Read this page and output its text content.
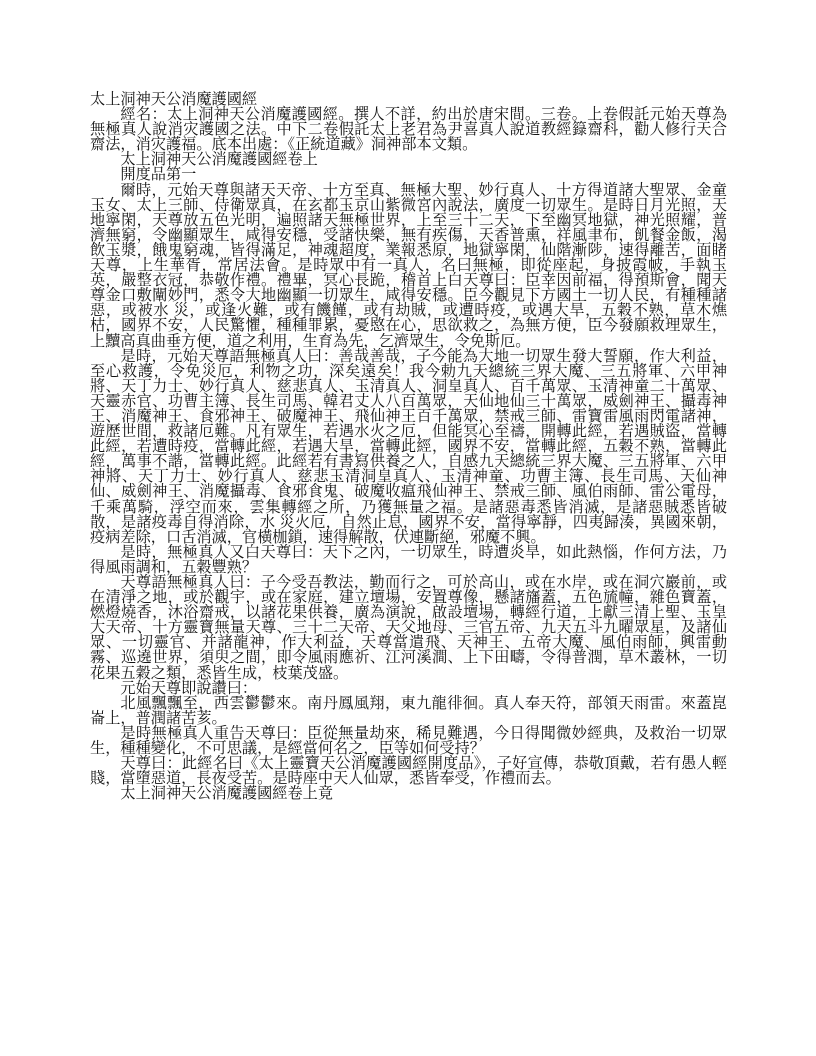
太上洞神天公消魔護國經

經名：太上洞神天公消魔護國經。撰人不詳，約出於唐宋間。三卷。上卷假託元始天尊為無極真人說消灾護國之法。中下二卷假託太上老君為尹喜真人說道教經籙齋科，勸人修行天合齋法，消灾護福。底本出處：《正統道藏》洞神部本文類。

太上洞神天公消魔護國經卷上

開度品第一

爾時，元始天尊與諸天天帝、十方至真、無極大聖、妙行真人、十方得道諸大聖眾、金童玉女、太上三師、侍衛眾真，在玄都玉京山紫微宮內說法，廣度一切眾生。是時日月光照，天地寧閑，天尊放五色光明，遍照諸天無極世界，上至三十二天，下至幽冥地獄，神光照耀，普濟無窮，令幽顯眾生，咸得安穩，受諸快樂，無有疾傷，天香普熏，祥風聿布，飢餐金飯，渴飲玉漿，餓鬼窮魂，皆得滿足，神魂超度，業報悉原，地獄寧閑，仙階漸陟，速得離苦，面睹天尊，上生華胥，常居法會。是時眾中有一真人，名曰無極，即從座起，身披霞帔，手執玉英，嚴整衣冠，恭敬作禮。禮畢，冥心長跪，稽首上白天尊曰：臣幸因前福，得預斯會，聞天尊金口敷闡妙門，悉令大地幽顯一切眾生，咸得安穩。臣今觀見下方國土一切人民，有種種諸惡，或被水 災，或逢火難，或有饑饉，或有劫賊，或遭時疫，或遇大旱，五穀不熟，草木燋枯，國界不安，人民驚懼，種種罪累，憂愍在心，思欲救之，為無方便，臣今發願救理眾生，上黷高真曲垂方便，道之利用，生育為先，乞濟眾生，令免斯厄。

是時，元始天尊語無極真人曰：善哉善哉，子今能為大地一切眾生發大誓願，作大利益，至心救護，令免災厄，利物之功，深矣遠矣！我今勅九天總統三界大魔、三五將軍、六甲神將、天丁力士、妙行真人、慈悲真人、玉清真人、洞皇真人、百千萬眾、玉清神童二十萬眾、天靈赤官、功曹主簿、長生司馬、韓君丈人八百萬眾，天仙地仙三十萬眾，威劍神王、攝毒神王、消魔神王、食邪神王、破魔神王、飛仙神王百千萬眾，禁戒三師、雷寶雷風雨閃電諸神，遊歷世間，救諸厄難。凡有眾生，若遇水火之厄，但能冥心至禱，開轉此經，若遇賊盜，當轉此經，若遭時疫，當轉此經，若遇大旱，當轉此經，國界不安，當轉此經，五穀不熟，當轉此經，萬事不諧，當轉此經。此經若有書寫供養之人，自感九天總統三界大魔、三五將軍、六甲神將、天丁力士、妙行真人、慈悲玉清洞皇真人、玉清神童、功曹主簿、長生司馬、天仙神仙、威劍神王、消魔攝毒、食邪食鬼、破魔收瘟飛仙神王、禁戒三師、風伯雨師、雷公電母，千乘萬騎，浮空而來，雲集轉經之所，乃獲無量之福。是諸惡毒悉皆消滅，是諸惡賊悉皆破散，是諸疫毒自得消除，水 災火厄，自然止息，國界不安，當得寧靜，四夷歸湊，異國來朝，疫病差除，口舌消滅，官橫枷鎖，速得解散，伏連斷絕，邪魔不興。

是時，無極真人又白天尊曰：天下之內，一切眾生，時遭炎旱，如此熱惱，作何方法，乃得風雨調和，五穀豐熟？

天尊語無極真人曰：子今受吾教法，勤而行之，可於高山，或在水岸，或在洞穴巖前，或在清淨之地，或於觀宇，或在家庭，建立壇場，安置尊像，懸諸旛蓋，五色旈幢，雜色寶蓋，燃燈燒香，沐浴齋戒，以諸花果供養，廣為演說，啟設壇場，轉經行道，上獻三清上聖、玉皇大天帝、十方靈寶無量天尊、三十二天帝、天父地母、三官五帝、九天五斗九曜眾星，及諸仙眾、一切靈官、并諸龍神，作大利益，天尊當遣飛、天神王、五帝大魔、風伯雨師，興雷動霧、巡遶世界，須臾之間，即令風雨應祈、江河溪澗、上下田疇，令得普潤，草木叢林，一切花果五穀之類，悉皆生成，枝葉茂盛。

元始天尊即說讚曰：

北風飄飄至，西雲鬱鬱來。南丹鳳風翔，東九龍徘徊。真人奉天符，部領天雨雷。來蓋崑崙上，普潤諸苦荄。

是時無極真人重告天尊曰：臣從無量劫來，稀見難遇，今日得聞微妙經典，及救治一切眾生，種種變化，不可思議，是經當何名之，臣等如何受持？

天尊曰：此經名曰《太上靈寶天公消魔護國經開度品》，子好宣傳，恭敬頂戴，若有愚人輕賤，當墮惡道，長夜受苦。是時座中天人仙眾，悉皆奉受，作禮而去。

太上洞神天公消魔護國經卷上竟
